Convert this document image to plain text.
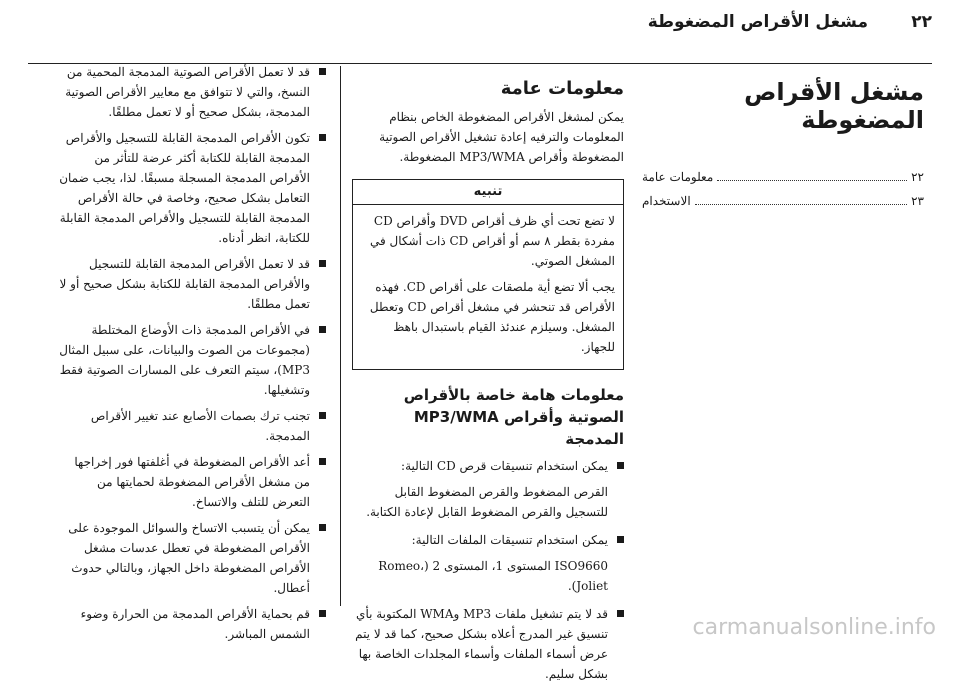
مشغل الأقراص المضغوطة	٢٢
مشغل الأقراص المضغوطة
معلومات عامة	٢٢
الاستخدام	٢٣
معلومات عامة

يمكن لمشغل الأقراص المضغوطة الخاص بنظام المعلومات والترفيه إعادة تشغيل الأقراص الصوتية المضغوطة وأقراص MP3/WMA المضغوطة.

تنبيه

لا تضع تحت أي ظرف أقراص DVD وأقراص CD مفردة بقطر ٨ سم أو أقراص CD ذات أشكال في المشغل الصوتي.

يجب ألا تضع أية ملصقات على أقراص CD. فهذه الأقراص قد تنحشر في مشغل أقراص CD وتعطل المشغل. وسيلزم عندئذ القيام باستبدال باهظ للجهاز.

معلومات هامة خاصة بالأقراص الصوتية وأقراص MP3/WMA المدمجة
يمكن استخدام تنسيقات قرص CD التالية:
القرص المضغوط والقرص المضغوط القابل للتسجيل والقرص المضغوط القابل لإعادة الكتابة.
يمكن استخدام تنسيقات الملفات التالية:
ISO9660 المستوى 1، المستوى 2 (Romeo، Joliet).
قد لا يتم تشغيل ملفات MP3 وWMA المكتوبة بأي تنسيق غير المدرج أعلاه بشكل صحيح، كما قد لا يتم عرض أسماء الملفات وأسماء المجلدات الخاصة بها بشكل سليم.
قد لا تعمل الأقراص الصوتية المدمجة المحمية من النسخ، والتي لا تتوافق مع معايير الأقراص الصوتية المدمجة، بشكل صحيح أو لا تعمل مطلقًا.
تكون الأقراص المدمجة القابلة للتسجيل والأقراص المدمجة القابلة للكتابة أكثر عرضة للتأثر من الأقراص المدمجة المسجلة مسبقًا. لذا، يجب ضمان التعامل بشكل صحيح، وخاصة في حالة الأقراص المدمجة القابلة للتسجيل والأقراص المدمجة القابلة للكتابة، انظر أدناه.
قد لا تعمل الأقراص المدمجة القابلة للتسجيل والأقراص المدمجة القابلة للكتابة بشكل صحيح أو لا تعمل مطلقًا.
في الأقراص المدمجة ذات الأوضاع المختلطة (مجموعات من الصوت والبيانات، على سبيل المثال MP3)، سيتم التعرف على المسارات الصوتية فقط وتشغيلها.
تجنب ترك بصمات الأصابع عند تغيير الأقراص المدمجة.
أعد الأقراص المضغوطة في أغلفتها فور إخراجها من مشغل الأقراص المضغوطة لحمايتها من التعرض للتلف والاتساخ.
يمكن أن يتسبب الاتساخ والسوائل الموجودة على الأقراص المضغوطة في تعطل عدسات مشغل الأقراص المضغوطة داخل الجهاز، وبالتالي حدوث أعطال.
قم بحماية الأقراص المدمجة من الحرارة وضوء الشمس المباشر.	carmanualsonline.info
